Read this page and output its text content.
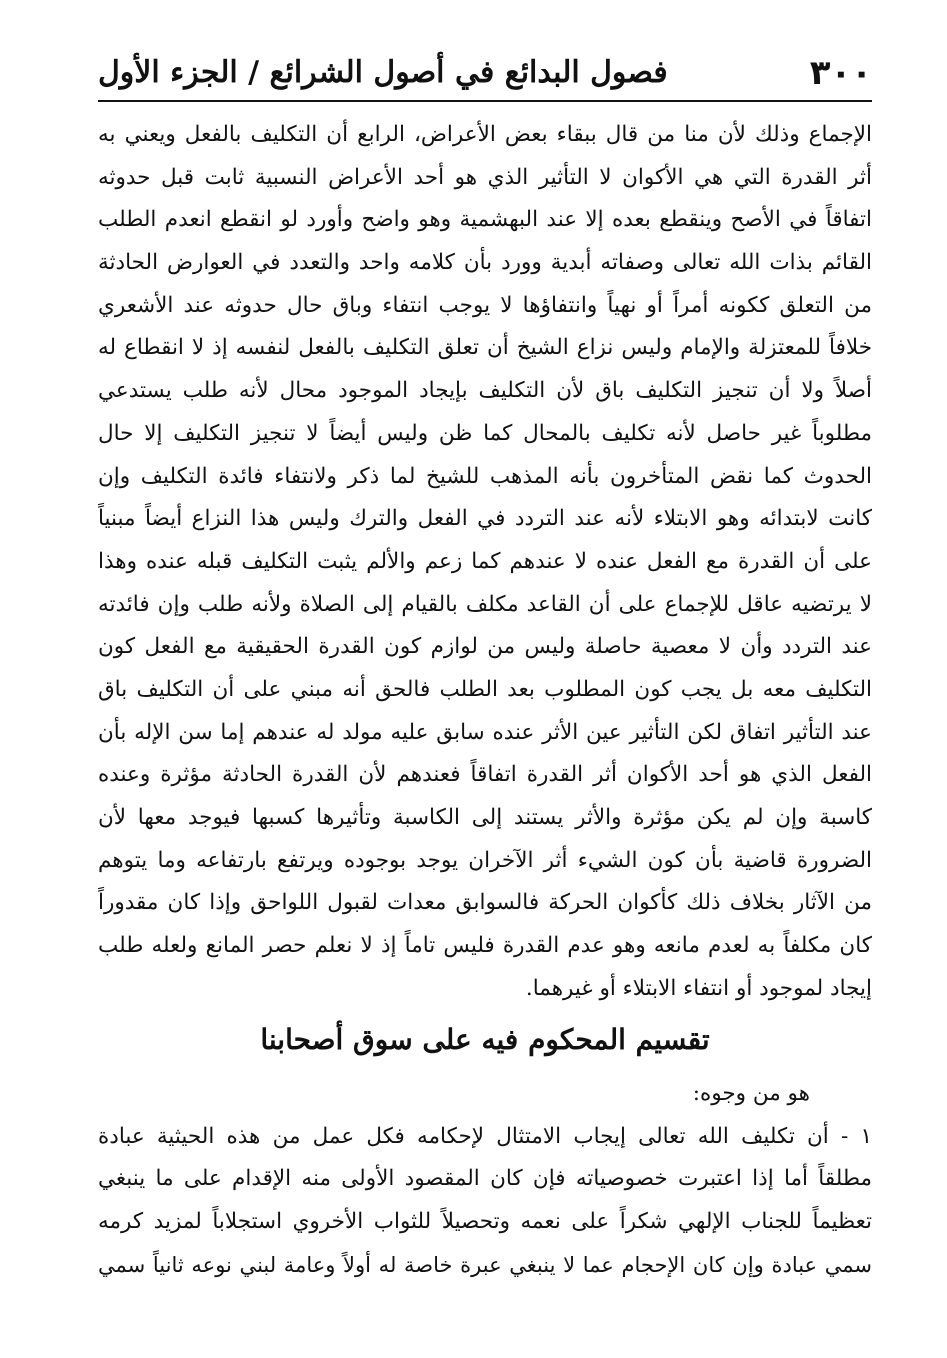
٣٠٠
فصول البدائع في أصول الشرائع / الجزء الأول
الإجماع وذلك لأن منا من قال ببقاء بعض الأعراض، الرابع أن التكليف بالفعل ويعني به
أثر القدرة التي هي الأكوان لا التأثير الذي هو أحد الأعراض النسبية ثابت قبل حدوثه
اتفاقاً في الأصح وينقطع بعده إلا عند البهشمية وهو واضح وأورد لو انقطع انعدم الطلب
القائم بذات الله تعالى وصفاته أبدية وورد بأن كلامه واحد والتعدد في العوارض الحادثة
من التعلق ككونه أمراً أو نهياً وانتفاؤها لا يوجب انتفاء وباق حال حدوثه عند الأشعري
خلافاً للمعتزلة والإمام وليس نزاع الشيخ أن تعلق التكليف بالفعل لنفسه إذ لا انقطاع له
أصلاً ولا أن تنجيز التكليف باق لأن التكليف بإيجاد الموجود محال لأنه طلب يستدعي
مطلوباً غير حاصل لأنه تكليف بالمحال كما ظن وليس أيضاً لا تنجيز التكليف إلا حال
الحدوث كما نقض المتأخرون بأنه المذهب للشيخ لما ذكر ولانتفاء فائدة التكليف وإن
كانت لابتدائه وهو الابتلاء لأنه عند التردد في الفعل والترك وليس هذا النزاع أيضاً مبنياً
على أن القدرة مع الفعل عنده لا عندهم كما زعم والألم يثبت التكليف قبله عنده وهذا
لا يرتضيه عاقل للإجماع على أن القاعد مكلف بالقيام إلى الصلاة ولأنه طلب وإن فائدته
عند التردد وأن لا معصية حاصلة وليس من لوازم كون القدرة الحقيقية مع الفعل كون
التكليف معه بل يجب كون المطلوب بعد الطلب فالحق أنه مبني على أن التكليف باق
عند التأثير اتفاق لكن التأثير عين الأثر عنده سابق عليه مولد له عندهم إما سن الإله بأن
الفعل الذي هو أحد الأكوان أثر القدرة اتفاقاً فعندهم لأن القدرة الحادثة مؤثرة وعنده
كاسبة وإن لم يكن مؤثرة والأثر يستند إلى الكاسبة وتأثيرها كسبها فيوجد معها لأن
الضرورة قاضية بأن كون الشيء أثر الآخران يوجد بوجوده ويرتفع بارتفاعه وما يتوهم
من الآثار بخلاف ذلك كأكوان الحركة فالسوابق معدات لقبول اللواحق وإذا كان مقدوراً
كان مكلفاً به لعدم مانعه وهو عدم القدرة فليس تاماً إذ لا نعلم حصر المانع ولعله طلب
إيجاد لموجود أو انتفاء الابتلاء أو غيرهما.
تقسيم المحكوم فيه على سوق أصحابنا
هو من وجوه:
١ - أن تكليف الله تعالى إيجاب الامتثال لإحكامه فكل عمل من هذه الحيثية عبادة
مطلقاً أما إذا اعتبرت خصوصياته فإن كان المقصود الأولى منه الإقدام على ما ينبغي
تعظيماً للجناب الإلهي شكراً على نعمه وتحصيلاً للثواب الأخروي استجلاباً لمزيد كرمه
سمي عبادة وإن كان الإحجام عما لا ينبغي عبرة خاصة له أولاً وعامة لبني نوعه ثانياً سمي
